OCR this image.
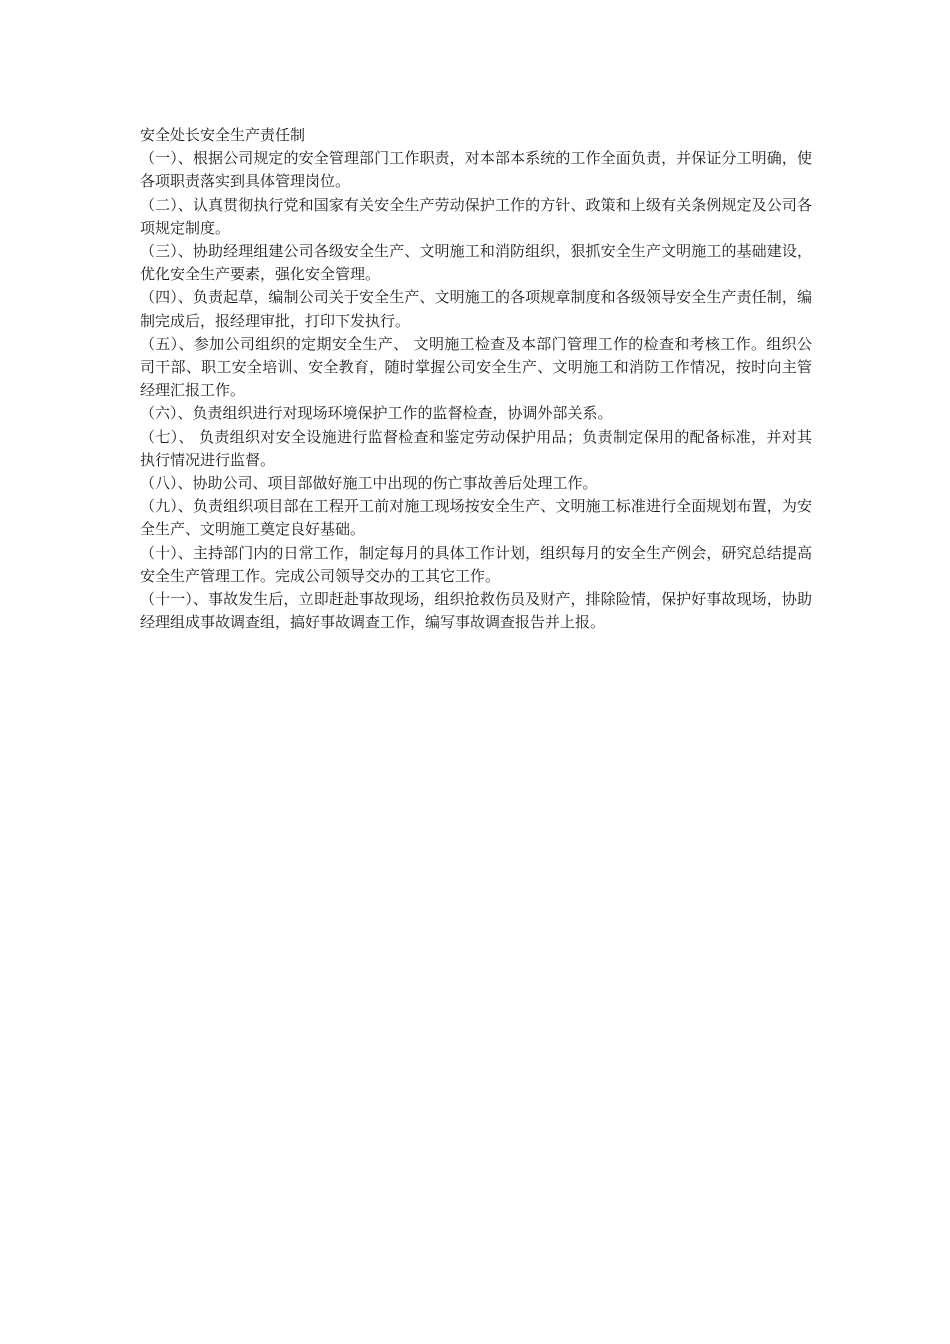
安全处长安全生产责任制

（一）、根据公司规定的安全管理部门工作职责，对本部本系统的工作全面负责，并保证分工明确，使各项职责落实到具体管理岗位。

（二）、认真贯彻执行党和国家有关安全生产劳动保护工作的方针、政策和上级有关条例规定及公司各项规定制度。

（三）、协助经理组建公司各级安全生产、文明施工和消防组织，狠抓安全生产文明施工的基础建设，优化安全生产要素，强化安全管理。

（四）、负责起草，编制公司关于安全生产、文明施工的各项规章制度和各级领导安全生产责任制，编制完成后，报经理审批，打印下发执行。

（五）、参加公司组织的定期安全生产、 文明施工检查及本部门管理工作的检查和考核工作。组织公司干部、职工安全培训、安全教育，随时掌握公司安全生产、文明施工和消防工作情况，按时向主管经理汇报工作。

（六）、负责组织进行对现场环境保护工作的监督检查，协调外部关系。

（七）、 负责组织对安全设施进行监督检查和鉴定劳动保护用品；负责制定保用的配备标准，并对其执行情况进行监督。

（八）、协助公司、项目部做好施工中出现的伤亡事故善后处理工作。

（九）、负责组织项目部在工程开工前对施工现场按安全生产、文明施工标准进行全面规划布置，为安全生产、文明施工奠定良好基础。

（十）、主持部门内的日常工作，制定每月的具体工作计划，组织每月的安全生产例会，研究总结提高安全生产管理工作。完成公司领导交办的工其它工作。

（十一）、事故发生后，立即赶赴事故现场，组织抢救伤员及财产，排除险情，保护好事故现场，协助经理组成事故调查组，搞好事故调查工作，编写事故调查报告并上报。
